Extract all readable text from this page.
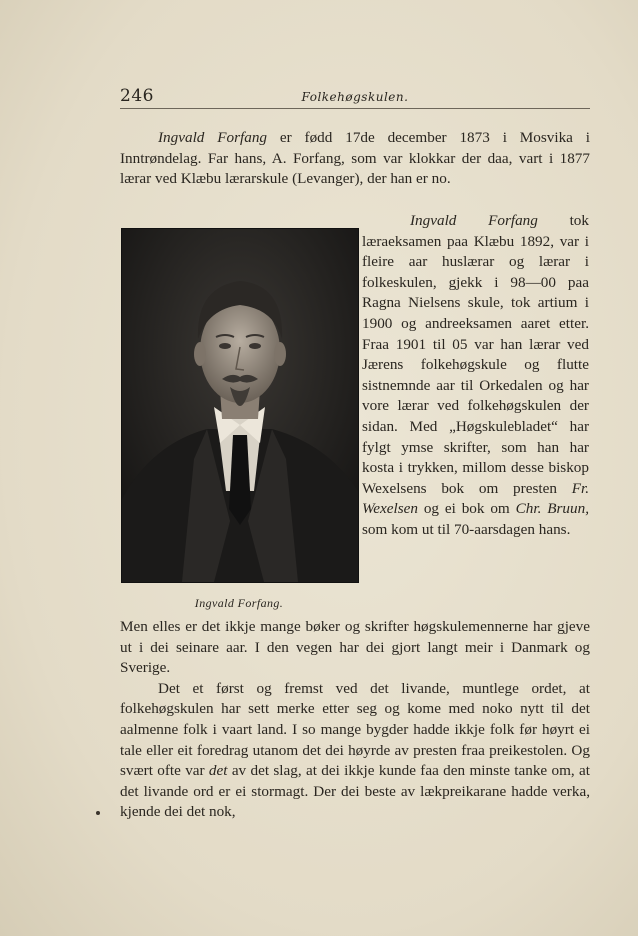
246	Folkehøgskulen.

Ingvald Forfang er fødd 17de december 1873 i Mosvika i Inntrøndelag. Far hans, A. Forfang, som var klokkar der daa, vart i 1877 lærar ved Klæbu lærarskule (Levanger), der han er no.

Ingvald Forfang.

Ingvald Forfang tok læraeksamen paa Klæbu 1892, var i fleire aar huslærar og lærar i folkeskulen, gjekk i 98—00 paa Ragna Nielsens skule, tok artium i 1900 og andreeksamen aaret etter. Fraa 1901 til 05 var han lærar ved Jærens folkehøgskule og flutte sistnemnde aar til Orkedalen og har vore lærar ved folkehøgskulen der sidan. Med „Høgskulebladet“ har fylgt ymse skrifter, som han har kosta i trykken, millom desse biskop Wexelsens bok om presten Fr. Wexelsen og ei bok om Chr. Bruun, som kom ut til 70-aarsdagen hans.

Men elles er det ikkje mange bøker og skrifter høgskulemennerne har gjeve ut i dei seinare aar. I den vegen har dei gjort langt meir i Danmark og Sverige.

Det et først og fremst ved det livande, muntlege ordet, at folkehøgskulen har sett merke etter seg og kome med noko nytt til det aalmenne folk i vaart land. I so mange bygder hadde ikkje folk før høyrt ei tale eller eit foredrag utanom det dei høyrde av presten fraa preikestolen. Og svært ofte var det av det slag, at dei ikkje kunde faa den minste tanke om, at det livande ord er ei stormagt. Der dei beste av lækpreikarane hadde verka, kjende dei det nok,
